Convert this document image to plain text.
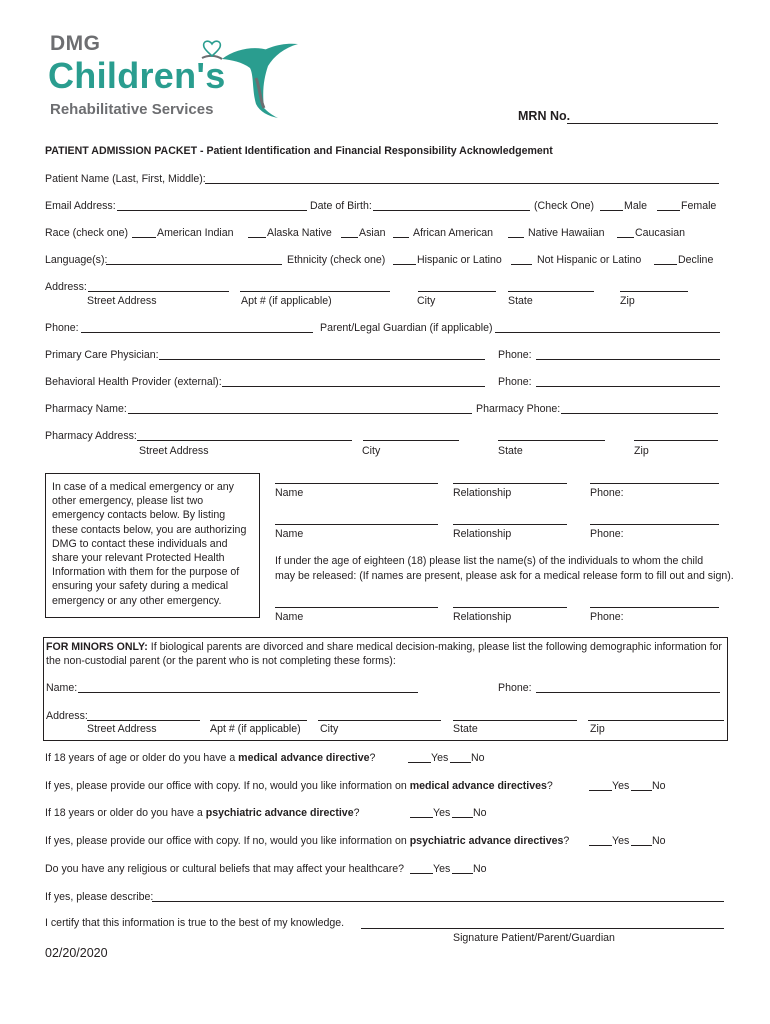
DMG
Children's
Rehabilitative Services	MRN No.
PATIENT ADMISSION PACKET - Patient Identification and Financial Responsibility Acknowledgement
Patient Name (Last, First, Middle):
Email Address:	Date of Birth:	(Check One)	Male	Female
Race (check one)	American Indian	Alaska Native	Asian	African American	Native Hawaiian	Caucasian
Language(s):	Ethnicity (check one)	Hispanic or Latino	Not Hispanic or Latino	Decline
Address:
Street Address	Apt # (if applicable)	City	State	Zip
Phone:	Parent/Legal Guardian (if applicable)
Primary Care Physician:	Phone:
Behavioral Health Provider (external):	Phone:
Pharmacy Name:	Pharmacy Phone:
Pharmacy Address:
Street Address	City	State	Zip
In case of a medical emergency or any
other emergency, please list two
emergency contacts below. By listing
these contacts below, you are authorizing
DMG to contact these individuals and
share your relevant Protected Health
Information with them for the purpose of
ensuring your safety during a medical
emergency or any other emergency.
Name	Relationship	Phone:
Name	Relationship	Phone:
If under the age of eighteen (18) please list the name(s) of the individuals to whom the child
may be released: (If names are present, please ask for a medical release form to fill out and sign).
Name	Relationship	Phone:
FOR MINORS ONLY: If biological parents are divorced and share medical decision-making, please list the following demographic information for
the non-custodial parent (or the parent who is not completing these forms):
Name:	Phone:
Address:
Street Address	Apt # (if applicable) City	State	Zip
If 18 years of age or older do you have a medical advance directive?	Yes No
If yes, please provide our office with copy. If no, would you like information on medical advance directives?	Yes No
If 18 years or older do you have a psychiatric advance directive?	Yes No
If yes, please provide our office with copy. If no, would you like information on psychiatric advance directives?	Yes No
Do you have any religious or cultural beliefs that may affect your healthcare?	Yes No
If yes, please describe:
I certify that this information is true to the best of my knowledge.
Signature Patient/Parent/Guardian
02/20/2020
